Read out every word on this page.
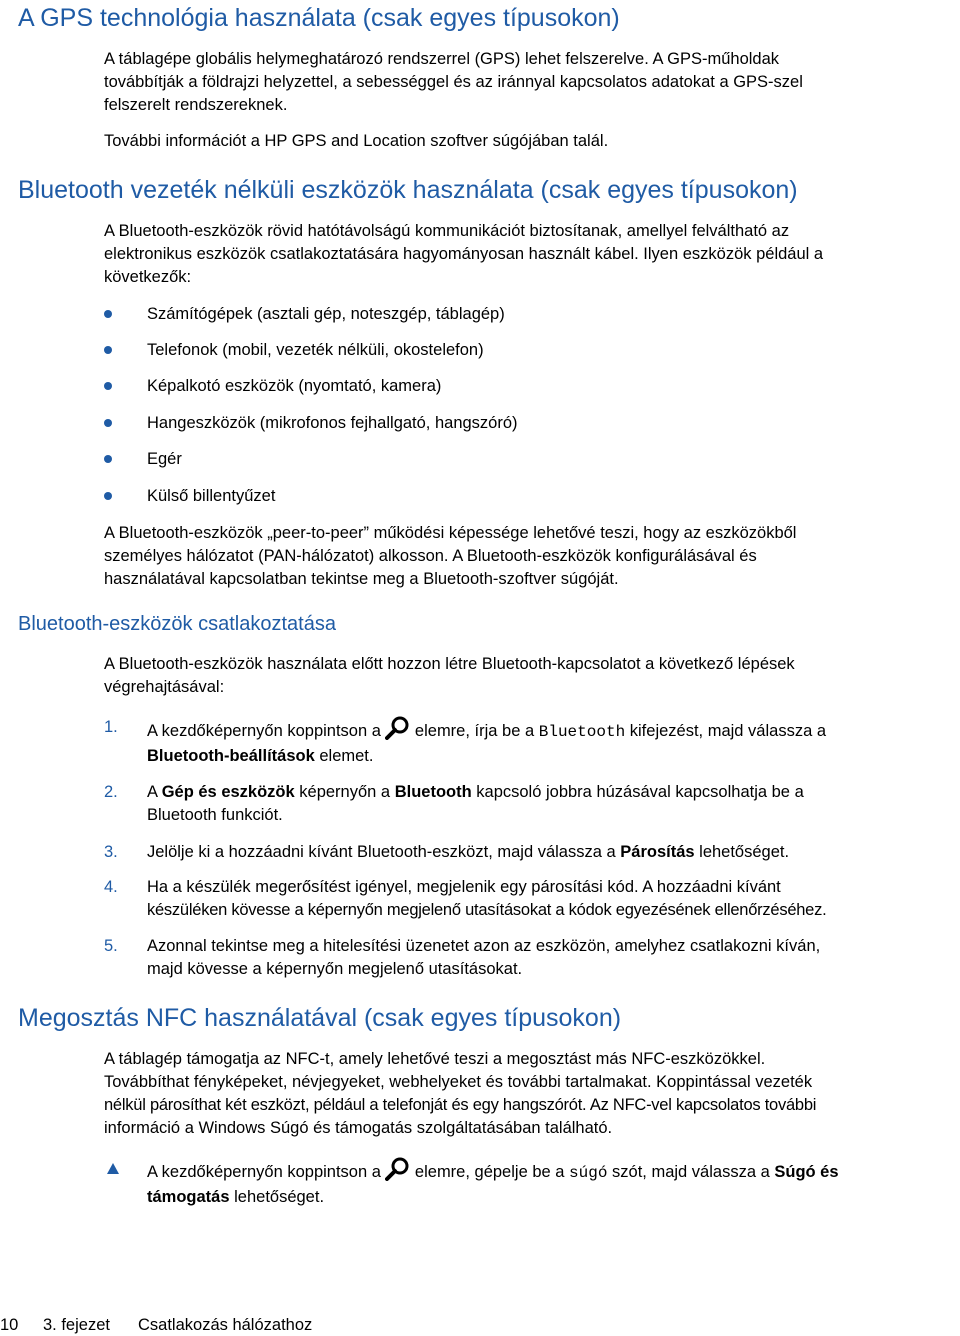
A GPS technológia használata (csak egyes típusokon)
A táblagépe globális helymeghatározó rendszerrel (GPS) lehet felszerelve. A GPS-műholdak
továbbítják a földrajzi helyzettel, a sebességgel és az iránnyal kapcsolatos adatokat a GPS-szel
felszerelt rendszereknek.
További információt a HP GPS and Location szoftver súgójában talál.
Bluetooth vezeték nélküli eszközök használata (csak egyes típusokon)
A Bluetooth-eszközök rövid hatótávolságú kommunikációt biztosítanak, amellyel felváltható az
elektronikus eszközök csatlakoztatására hagyományosan használt kábel. Ilyen eszközök például a
következők:
Számítógépek (asztali gép, noteszgép, táblagép)
Telefonok (mobil, vezeték nélküli, okostelefon)
Képalkotó eszközök (nyomtató, kamera)
Hangeszközök (mikrofonos fejhallgató, hangszóró)
Egér
Külső billentyűzet
A Bluetooth-eszközök „peer-to-peer” működési képessége lehetővé teszi, hogy az eszközökből
személyes hálózatot (PAN-hálózatot) alkosson. A Bluetooth-eszközök konfigurálásával és
használatával kapcsolatban tekintse meg a Bluetooth-szoftver súgóját.
Bluetooth-eszközök csatlakoztatása
A Bluetooth-eszközök használata előtt hozzon létre Bluetooth-kapcsolatot a következő lépések
végrehajtásával:
1. A kezdőképernyőn koppintson a elemre, írja be a Bluetooth kifejezést, majd válassza a
Bluetooth-beállítások elemet.
2. A Gép és eszközök képernyőn a Bluetooth kapcsoló jobbra húzásával kapcsolhatja be a
Bluetooth funkciót.
3. Jelölje ki a hozzáadni kívánt Bluetooth-eszközt, majd válassza a Párosítás lehetőséget.
4. Ha a készülék megerősítést igényel, megjelenik egy párosítási kód. A hozzáadni kívánt
készüléken kövesse a képernyőn megjelenő utasításokat a kódok egyezésének ellenőrzéséhez.
5. Azonnal tekintse meg a hitelesítési üzenetet azon az eszközön, amelyhez csatlakozni kíván,
majd kövesse a képernyőn megjelenő utasításokat.
Megosztás NFC használatával (csak egyes típusokon)
A táblagép támogatja az NFC-t, amely lehetővé teszi a megosztást más NFC-eszközökkel.
Továbbíthat fényképeket, névjegyeket, webhelyeket és további tartalmakat. Koppintással vezeték
nélkül párosíthat két eszközt, például a telefonját és egy hangszórót. Az NFC-vel kapcsolatos további
információ a Windows Súgó és támogatás szolgáltatásában található.
A kezdőképernyőn koppintson a elemre, gépelje be a súgó szót, majd válassza a Súgó és
támogatás lehetőséget.
10 3. fejezet Csatlakozás hálózathoz
